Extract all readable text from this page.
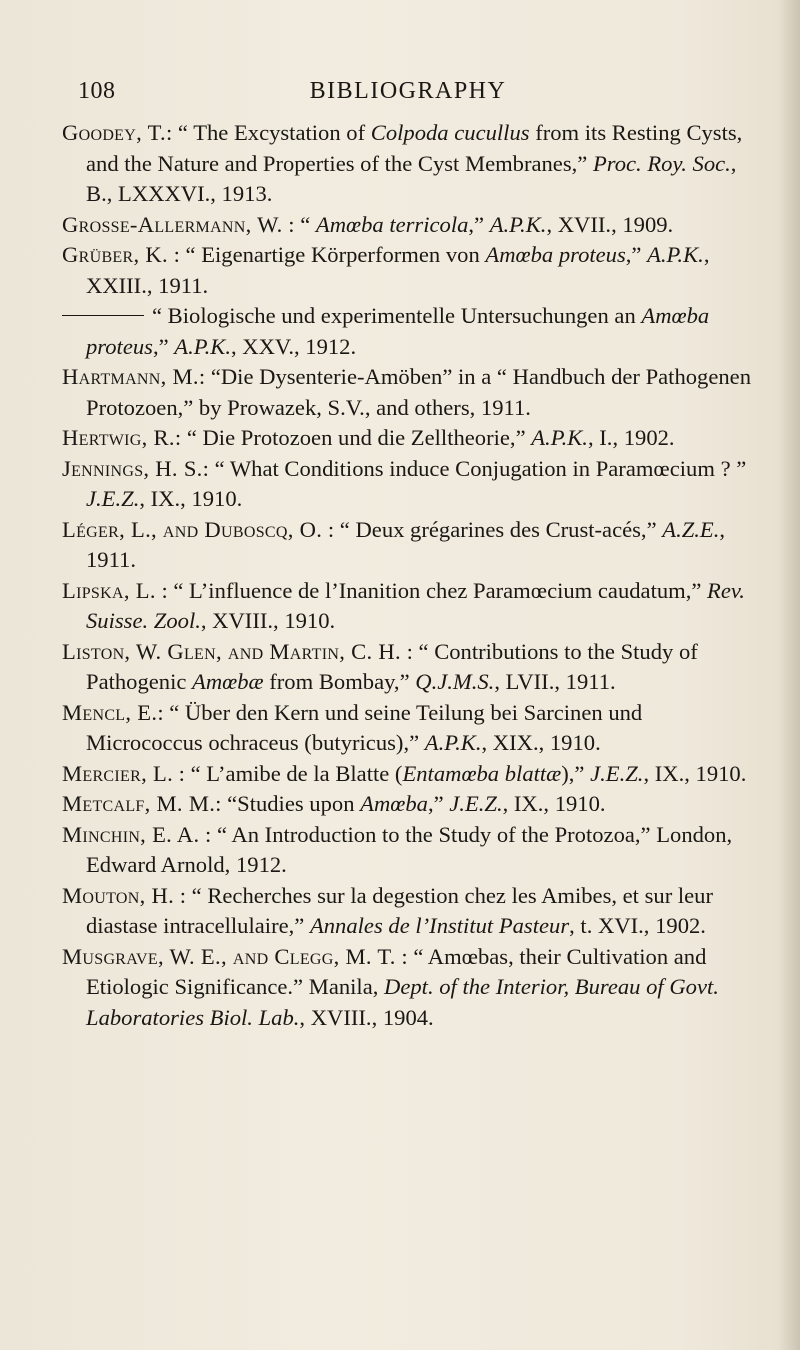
108	BIBLIOGRAPHY

Goodey, T.: “ The Excystation of Colpoda cucullus from its Resting Cysts, and the Nature and Properties of the Cyst Membranes,” Proc. Roy. Soc., B., LXXXVI., 1913.

Grosse-Allermann, W. : “ Amœba terricola,” A.P.K., XVII., 1909.

Grüber, K. : “ Eigenartige Körperformen von Amœba proteus,” A.P.K., XXIII., 1911.

“ Biologische und experimentelle Untersuchungen an Amœba proteus,” A.P.K., XXV., 1912.

Hartmann, M.: “Die Dysenterie-Amöben” in a “ Handbuch der Pathogenen Protozoen,” by Prowazek, S.V., and others, 1911.

Hertwig, R.: “ Die Protozoen und die Zelltheorie,” A.P.K., I., 1902.

Jennings, H. S.: “ What Conditions induce Conjugation in Paramœcium ? ” J.E.Z., IX., 1910.

Léger, L., and Duboscq, O. : “ Deux grégarines des Crust-acés,” A.Z.E., 1911.

Lipska, L. : “ L’influence de l’Inanition chez Paramœcium caudatum,” Rev. Suisse. Zool., XVIII., 1910.

Liston, W. Glen, and Martin, C. H. : “ Contributions to the Study of Pathogenic Amœbæ from Bombay,” Q.J.M.S., LVII., 1911.

Mencl, E.: “ Über den Kern und seine Teilung bei Sarcinen und Micrococcus ochraceus (butyricus),” A.P.K., XIX., 1910.

Mercier, L. : “ L’amibe de la Blatte (Entamœba blattæ),” J.E.Z., IX., 1910.

Metcalf, M. M.: “Studies upon Amœba,” J.E.Z., IX., 1910.

Minchin, E. A. : “ An Introduction to the Study of the Protozoa,” London, Edward Arnold, 1912.

Mouton, H. : “ Recherches sur la degestion chez les Amibes, et sur leur diastase intracellulaire,” Annales de l’Institut Pasteur, t. XVI., 1902.

Musgrave, W. E., and Clegg, M. T. : “ Amœbas, their Cultivation and Etiologic Significance.” Manila, Dept. of the Interior, Bureau of Govt. Laboratories Biol. Lab., XVIII., 1904.
